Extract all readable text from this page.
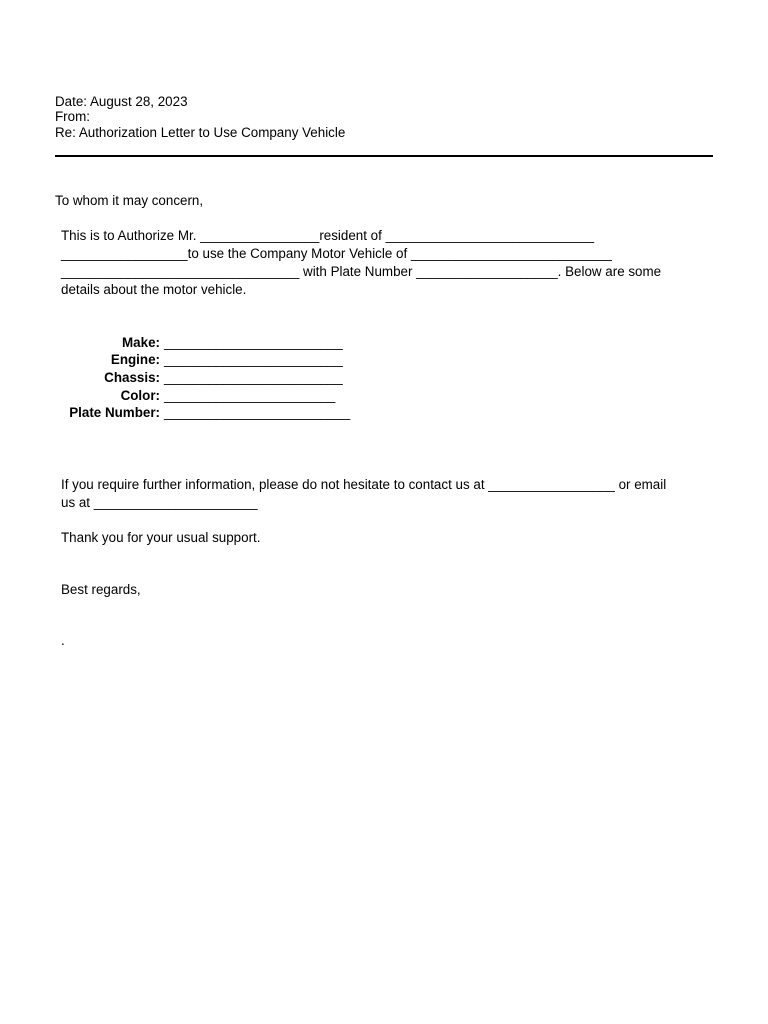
Date: August 28, 2023
From:
Re: Authorization Letter to Use Company Vehicle
To whom it may concern,
This is to Authorize Mr. ________________resident of ____________________________
_________________to use the Company Motor Vehicle of ___________________________
________________________________ with Plate Number ___________________. Below are some
details about the motor vehicle.
Make: ________________________
Engine: ________________________
Chassis: ________________________
Color: _______________________
Plate Number: _________________________
If you require further information, please do not hesitate to contact us at _________________ or email
us at ______________________
Thank you for your usual support.
Best regards,
.
